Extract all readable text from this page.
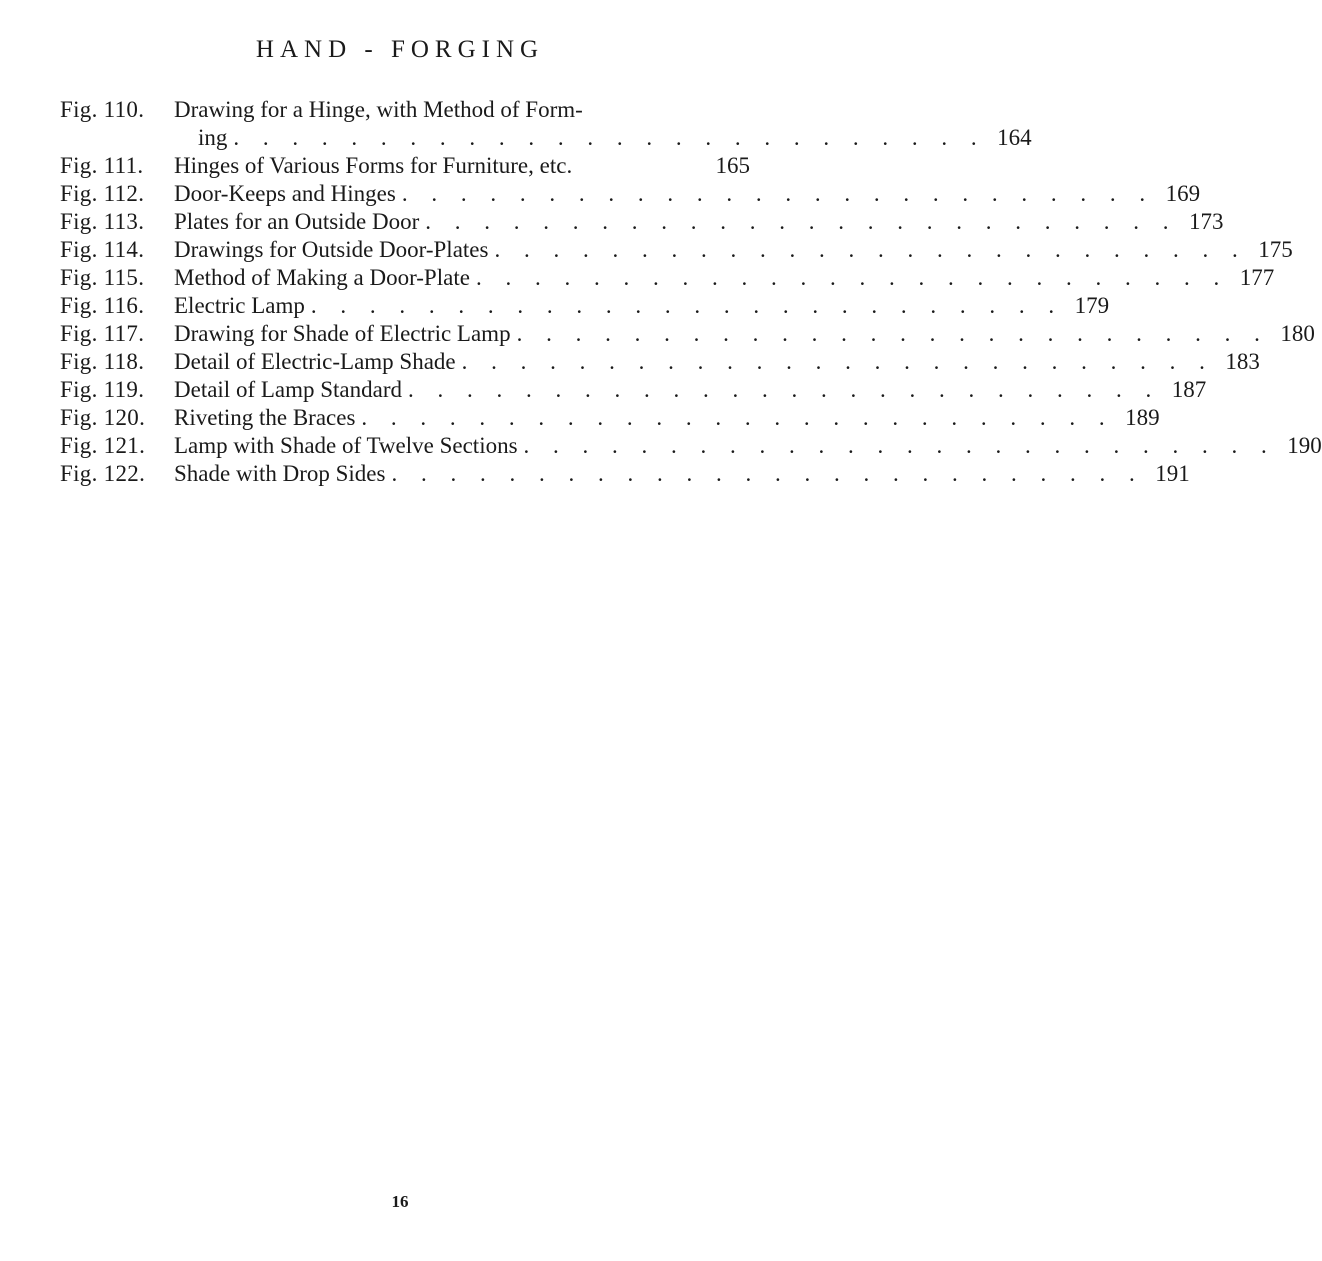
HAND - FORGING
Fig. 110.	Drawing for a Hinge, with Method of Form-
ing . . . . . . . . . . . . . . . . . . . . . . . . . . 164
Fig. 111.	Hinges of Various Forms for Furniture, etc.	165
Fig. 112.	Door-Keeps and Hinges . . . . . . . . . . . . . . . . . . . . . . . . . . 169
Fig. 113.	Plates for an Outside Door . . . . . . . . . . . . . . . . . . . . . . . . . . 173
Fig. 114.	Drawings for Outside Door-Plates . . . . . . . . . . . . . . . . . . . . . . . . . . 175
Fig. 115.	Method of Making a Door-Plate . . . . . . . . . . . . . . . . . . . . . . . . . . 177
Fig. 116.	Electric Lamp . . . . . . . . . . . . . . . . . . . . . . . . . . 179
Fig. 117.	Drawing for Shade of Electric Lamp . . . . . . . . . . . . . . . . . . . . . . . . . . 180
Fig. 118.	Detail of Electric-Lamp Shade . . . . . . . . . . . . . . . . . . . . . . . . . . 183
Fig. 119.	Detail of Lamp Standard . . . . . . . . . . . . . . . . . . . . . . . . . . 187
Fig. 120.	Riveting the Braces . . . . . . . . . . . . . . . . . . . . . . . . . . 189
Fig. 121.	Lamp with Shade of Twelve Sections . . . . . . . . . . . . . . . . . . . . . . . . . . 190
Fig. 122.	Shade with Drop Sides . . . . . . . . . . . . . . . . . . . . . . . . . . 191
16
